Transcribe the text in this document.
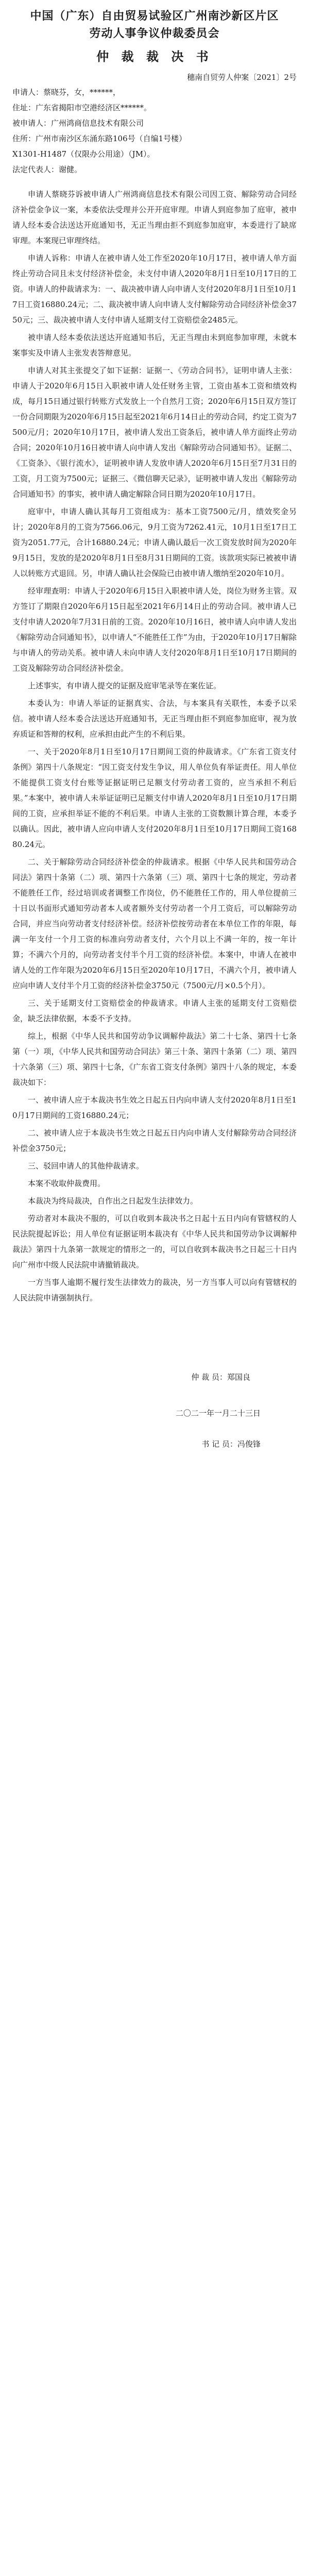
中国（广东）自由贸易试验区广州南沙新区片区
劳动人事争议仲裁委员会
仲 裁 裁 决 书
穗南自贸劳人仲案〔2021〕2号

申请人：蔡晓芬，女，******，

住址：广东省揭阳市空港经济区******。

被申请人：广州鸿商信息技术有限公司

住所：广州市南沙区东涌东路106号（自编1号楼）

X1301-H1487（仅限办公用途）（JM）。

法定代表人：谢健。

申请人蔡晓芬诉被申请人广州鸿商信息技术有限公司因工资、解除劳动合同经济补偿金争议一案，本委依法受理并公开开庭审理。申请人到庭参加了庭审，被申请人经本委合法送达开庭通知书，无正当理由拒不到庭参加庭审，本委进行了缺席审理。本案现已审理终结。

申请人诉称：申请人在被申请人处工作至2020年10月17日，被申请人单方面终止劳动合同且未支付经济补偿金，未支付申请人2020年8月1日至10月17日的工资。申请人的仲裁请求为：一、裁决被申请人向申请人支付2020年8月1日至10月17日工资16880.24元；二、裁决被申请人向申请人支付解除劳动合同经济补偿金3750元；三、裁决被申请人支付申请人延期支付工资赔偿金2485元。

被申请人经本委依法送达开庭通知书后，无正当理由未到庭参加审理，未就本案事实及申请人主张发表答辩意见。

申请人对其主张提交了如下证据：证据一、《劳动合同书》，证明申请人主张：申请人于2020年6月15日入职被申请人处任财务主管，工资由基本工资和绩效构成，每月15日通过银行转账方式发放上一个自然月工资；2020年6月15日双方签订一份合同期限为2020年6月15日起至2021年6月14日止的劳动合同，约定工资为7500元/月；2020年10月17日，被申请人发出工资条后，被申请人单方面终止劳动合同；2020年10月16日被申请人向申请人发出《解除劳动合同通知书》。证据二、《工资条》、《银行流水》，证明被申请人发放申请人2020年6月15日至7月31日的工资，月工资为7500元；证据三、《微信聊天记录》，证明被申请人发出《解除劳动合同通知书》的事实，被申请人确定解除合同日期为2020年10月17日。

庭审中，申请人确认其每月工资组成为：基本工资7500元/月，绩效奖金另计；2020年8月的工资为7566.06元，9月工资为7262.41元，10月1日至17日工资为2051.77元，合计16880.24元；申请人确认最后一次工资发放时间为2020年9月15日，发放的是2020年8月1日至8月31日期间的工资。该款项实际已被被申请人以转账方式退回。另，申请人确认社会保险已由被申请人缴纳至2020年10月。

经审理查明：申请人于2020年6月15日入职被申请人处，岗位为财务主管。双方签订了期限自2020年6月15日起至2021年6月14日止的劳动合同。被申请人已支付申请人2020年7月31日前的工资。2020年10月16日，被申请人向申请人发出《解除劳动合同通知书》，以申请人“不能胜任工作”为由，于2020年10月17日解除与申请人的劳动关系。被申请人未向申请人支付2020年8月1日至10月17日期间的工资及解除劳动合同经济补偿金。

上述事实，有申请人提交的证据及庭审笔录等在案佐证。

本委认为：申请人举证的证据真实、合法，与本案具有关联性，本委予以采信。被申请人经本委合法送达开庭通知书，无正当理由拒不到庭参加庭审，视为放弃质证和答辩的权利，应承担由此产生的不利后果。

一、关于2020年8月1日至10月17日期间工资的仲裁请求。《广东省工资支付条例》第四十八条规定：“因工资支付发生争议，用人单位负有举证责任。用人单位不能提供工资支付台账等证据证明已足额支付劳动者工资的，应当承担不利后果。”本案中，被申请人未举证证明已足额支付申请人2020年8月1日至10月17日期间的工资，应承担举证不能的不利后果。申请人主张的工资数额计算合理，本委予以确认。因此，被申请人应向申请人支付2020年8月1日至10月17日期间工资16880.24元。

二、关于解除劳动合同经济补偿金的仲裁请求。根据《中华人民共和国劳动合同法》第四十条第（二）项、第四十六条第（三）项、第四十七条的规定，劳动者不能胜任工作，经过培训或者调整工作岗位，仍不能胜任工作的，用人单位提前三十日以书面形式通知劳动者本人或者额外支付劳动者一个月工资后，可以解除劳动合同，并应当向劳动者支付经济补偿。经济补偿按劳动者在本单位工作的年限，每满一年支付一个月工资的标准向劳动者支付，六个月以上不满一年的，按一年计算；不满六个月的，向劳动者支付半个月工资的经济补偿。本案中，申请人在被申请人处的工作年限为2020年6月15日至2020年10月17日，不满六个月，被申请人应向申请人支付半个月工资的经济补偿金3750元（7500元/月×0.5个月）。

三、关于延期支付工资赔偿金的仲裁请求。申请人主张的延期支付工资赔偿金，缺乏法律依据，本委不予支持。

综上，根据《中华人民共和国劳动争议调解仲裁法》第二十七条、第四十七条第（一）项，《中华人民共和国劳动合同法》第三十条、第四十条第（二）项、第四十六条第（三）项、第四十七条，《广东省工资支付条例》第四十八条的规定，本委裁决如下：

一、被申请人应于本裁决书生效之日起五日内向申请人支付2020年8月1日至10月17日期间的工资16880.24元；

二、被申请人应于本裁决书生效之日起五日内向申请人支付解除劳动合同经济补偿金3750元；

三、驳回申请人的其他仲裁请求。

本案不收取仲裁费用。

本裁决为终局裁决，自作出之日起发生法律效力。

劳动者对本裁决不服的，可以自收到本裁决书之日起十五日内向有管辖权的人民法院提起诉讼；用人单位有证据证明本裁决有《中华人民共和国劳动争议调解仲裁法》第四十九条第一款规定的情形之一的，可以自收到本裁决书之日起三十日内向广州市中级人民法院申请撤销裁决。

一方当事人逾期不履行发生法律效力的裁决，另一方当事人可以向有管辖权的人民法院申请强制执行。

仲 裁 员：郑国良
二〇二一年一月二十三日
书 记 员：冯俊锋
